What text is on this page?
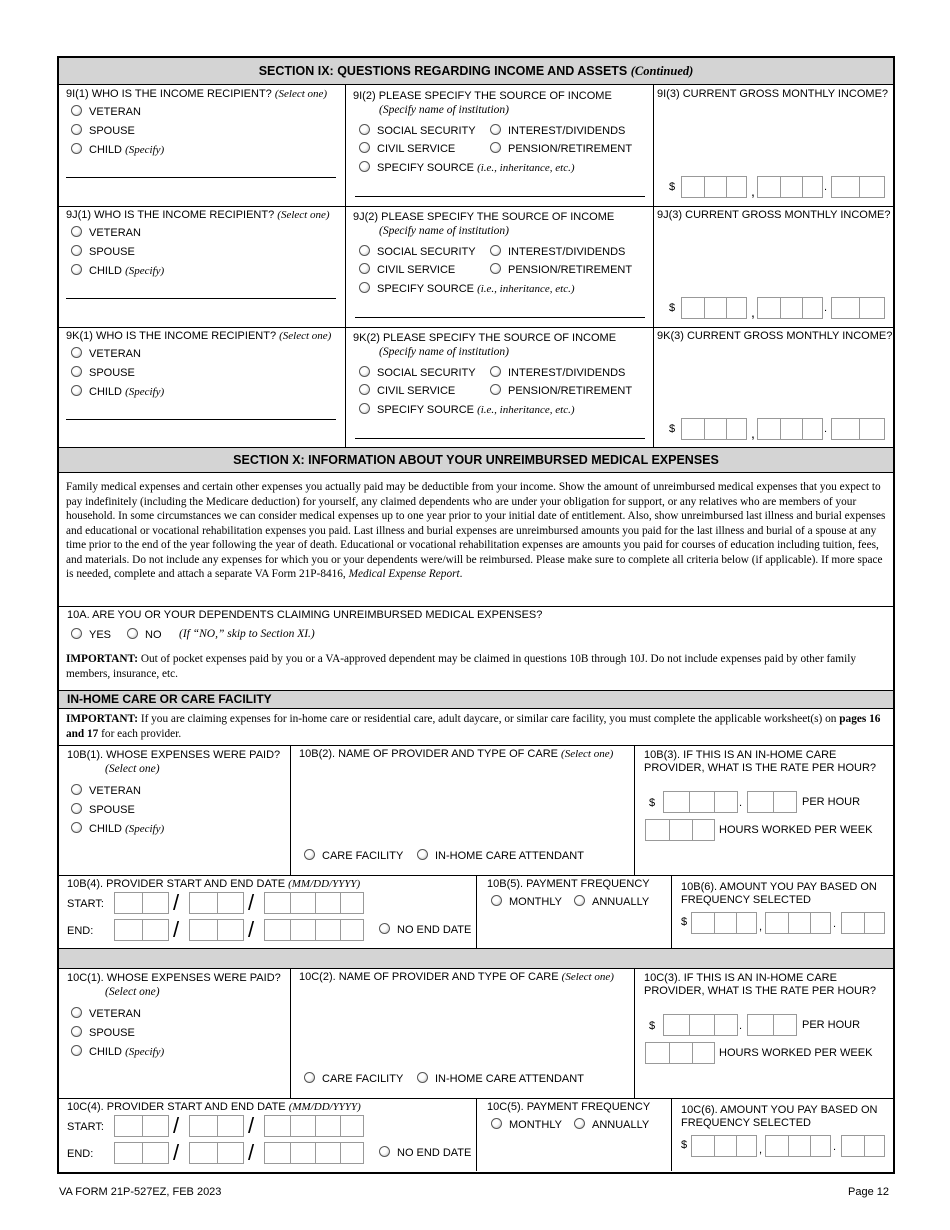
SECTION IX: QUESTIONS REGARDING INCOME AND ASSETS (Continued)
9I(1) WHO IS THE INCOME RECIPIENT? (Select one)
VETERAN
SPOUSE
CHILD (Specify)
9I(2) PLEASE SPECIFY THE SOURCE OF INCOME
(Specify name of institution)
SOCIAL SECURITY	INTEREST/DIVIDENDS
CIVIL SERVICE	PENSION/RETIREMENT
SPECIFY SOURCE (i.e., inheritance, etc.)
9I(3) CURRENT GROSS MONTHLY INCOME?
$	,	.
9J(1) WHO IS THE INCOME RECIPIENT? (Select one)
VETERAN
SPOUSE
CHILD (Specify)
9J(2) PLEASE SPECIFY THE SOURCE OF INCOME
(Specify name of institution)
SOCIAL SECURITY	INTEREST/DIVIDENDS
CIVIL SERVICE	PENSION/RETIREMENT
SPECIFY SOURCE (i.e., inheritance, etc.)
9J(3) CURRENT GROSS MONTHLY INCOME?
$	,	.
9K(1) WHO IS THE INCOME RECIPIENT? (Select one)
VETERAN
SPOUSE
CHILD (Specify)
9K(2) PLEASE SPECIFY THE SOURCE OF INCOME
(Specify name of institution)
SOCIAL SECURITY	INTEREST/DIVIDENDS
CIVIL SERVICE	PENSION/RETIREMENT
SPECIFY SOURCE (i.e., inheritance, etc.)
9K(3) CURRENT GROSS MONTHLY INCOME?
$	,	.
SECTION X: INFORMATION ABOUT YOUR UNREIMBURSED MEDICAL EXPENSES
Family medical expenses and certain other expenses you actually paid may be deductible from your income. Show the amount of unreimbursed medical expenses that you expect to pay indefinitely (including the Medicare deduction) for yourself, any claimed dependents who are under your obligation for support, or any relatives who are members of your household. In some circumstances we can consider medical expenses up to one year prior to your initial date of entitlement. Also, show unreimbursed last illness and burial expenses and educational or vocational rehabilitation expenses you paid. Last illness and burial expenses are unreimbursed amounts you paid for the last illness and burial of a spouse at any time prior to the end of the year following the year of death. Educational or vocational rehabilitation expenses are amounts you paid for courses of education including tuition, fees, and materials. Do not include any expenses for which you or your dependents were/will be reimbursed. Please make sure to complete all criteria below (if applicable). If more space is needed, complete and attach a separate VA Form 21P-8416, Medical Expense Report.
10A. ARE YOU OR YOUR DEPENDENTS CLAIMING UNREIMBURSED MEDICAL EXPENSES?
YES	NO (If “NO,” skip to Section XI.)
IMPORTANT: Out of pocket expenses paid by you or a VA-approved dependent may be claimed in questions 10B through 10J. Do not include expenses paid by other family members, insurance, etc.
IN-HOME CARE OR CARE FACILITY
IMPORTANT: If you are claiming expenses for in-home care or residential care, adult daycare, or similar care facility, you must complete the applicable worksheet(s) on pages 16 and 17 for each provider.
10B(1). WHOSE EXPENSES WERE PAID?
(Select one)
VETERAN
SPOUSE
CHILD (Specify)
10B(2). NAME OF PROVIDER AND TYPE OF CARE (Select one)
CARE FACILITY	IN-HOME CARE ATTENDANT
10B(3). IF THIS IS AN IN-HOME CARE PROVIDER, WHAT IS THE RATE PER HOUR?
$	.	PER HOUR
HOURS WORKED PER WEEK
10B(4). PROVIDER START AND END DATE (MM/DD/YYYY)
START:	/	/
END:	/	/	NO END DATE
10B(5). PAYMENT FREQUENCY
MONTHLY	ANNUALLY
10B(6). AMOUNT YOU PAY BASED ON FREQUENCY SELECTED
$	,	.
10C(1). WHOSE EXPENSES WERE PAID?
(Select one)
VETERAN
SPOUSE
CHILD (Specify)
10C(2). NAME OF PROVIDER AND TYPE OF CARE (Select one)
CARE FACILITY	IN-HOME CARE ATTENDANT
10C(3). IF THIS IS AN IN-HOME CARE PROVIDER, WHAT IS THE RATE PER HOUR?
$	.	PER HOUR
HOURS WORKED PER WEEK
10C(4). PROVIDER START AND END DATE (MM/DD/YYYY)
START:	/	/
END:	/	/	NO END DATE
10C(5). PAYMENT FREQUENCY
MONTHLY	ANNUALLY
10C(6). AMOUNT YOU PAY BASED ON FREQUENCY SELECTED
$	,	.
VA FORM 21P-527EZ, FEB 2023	Page 12
